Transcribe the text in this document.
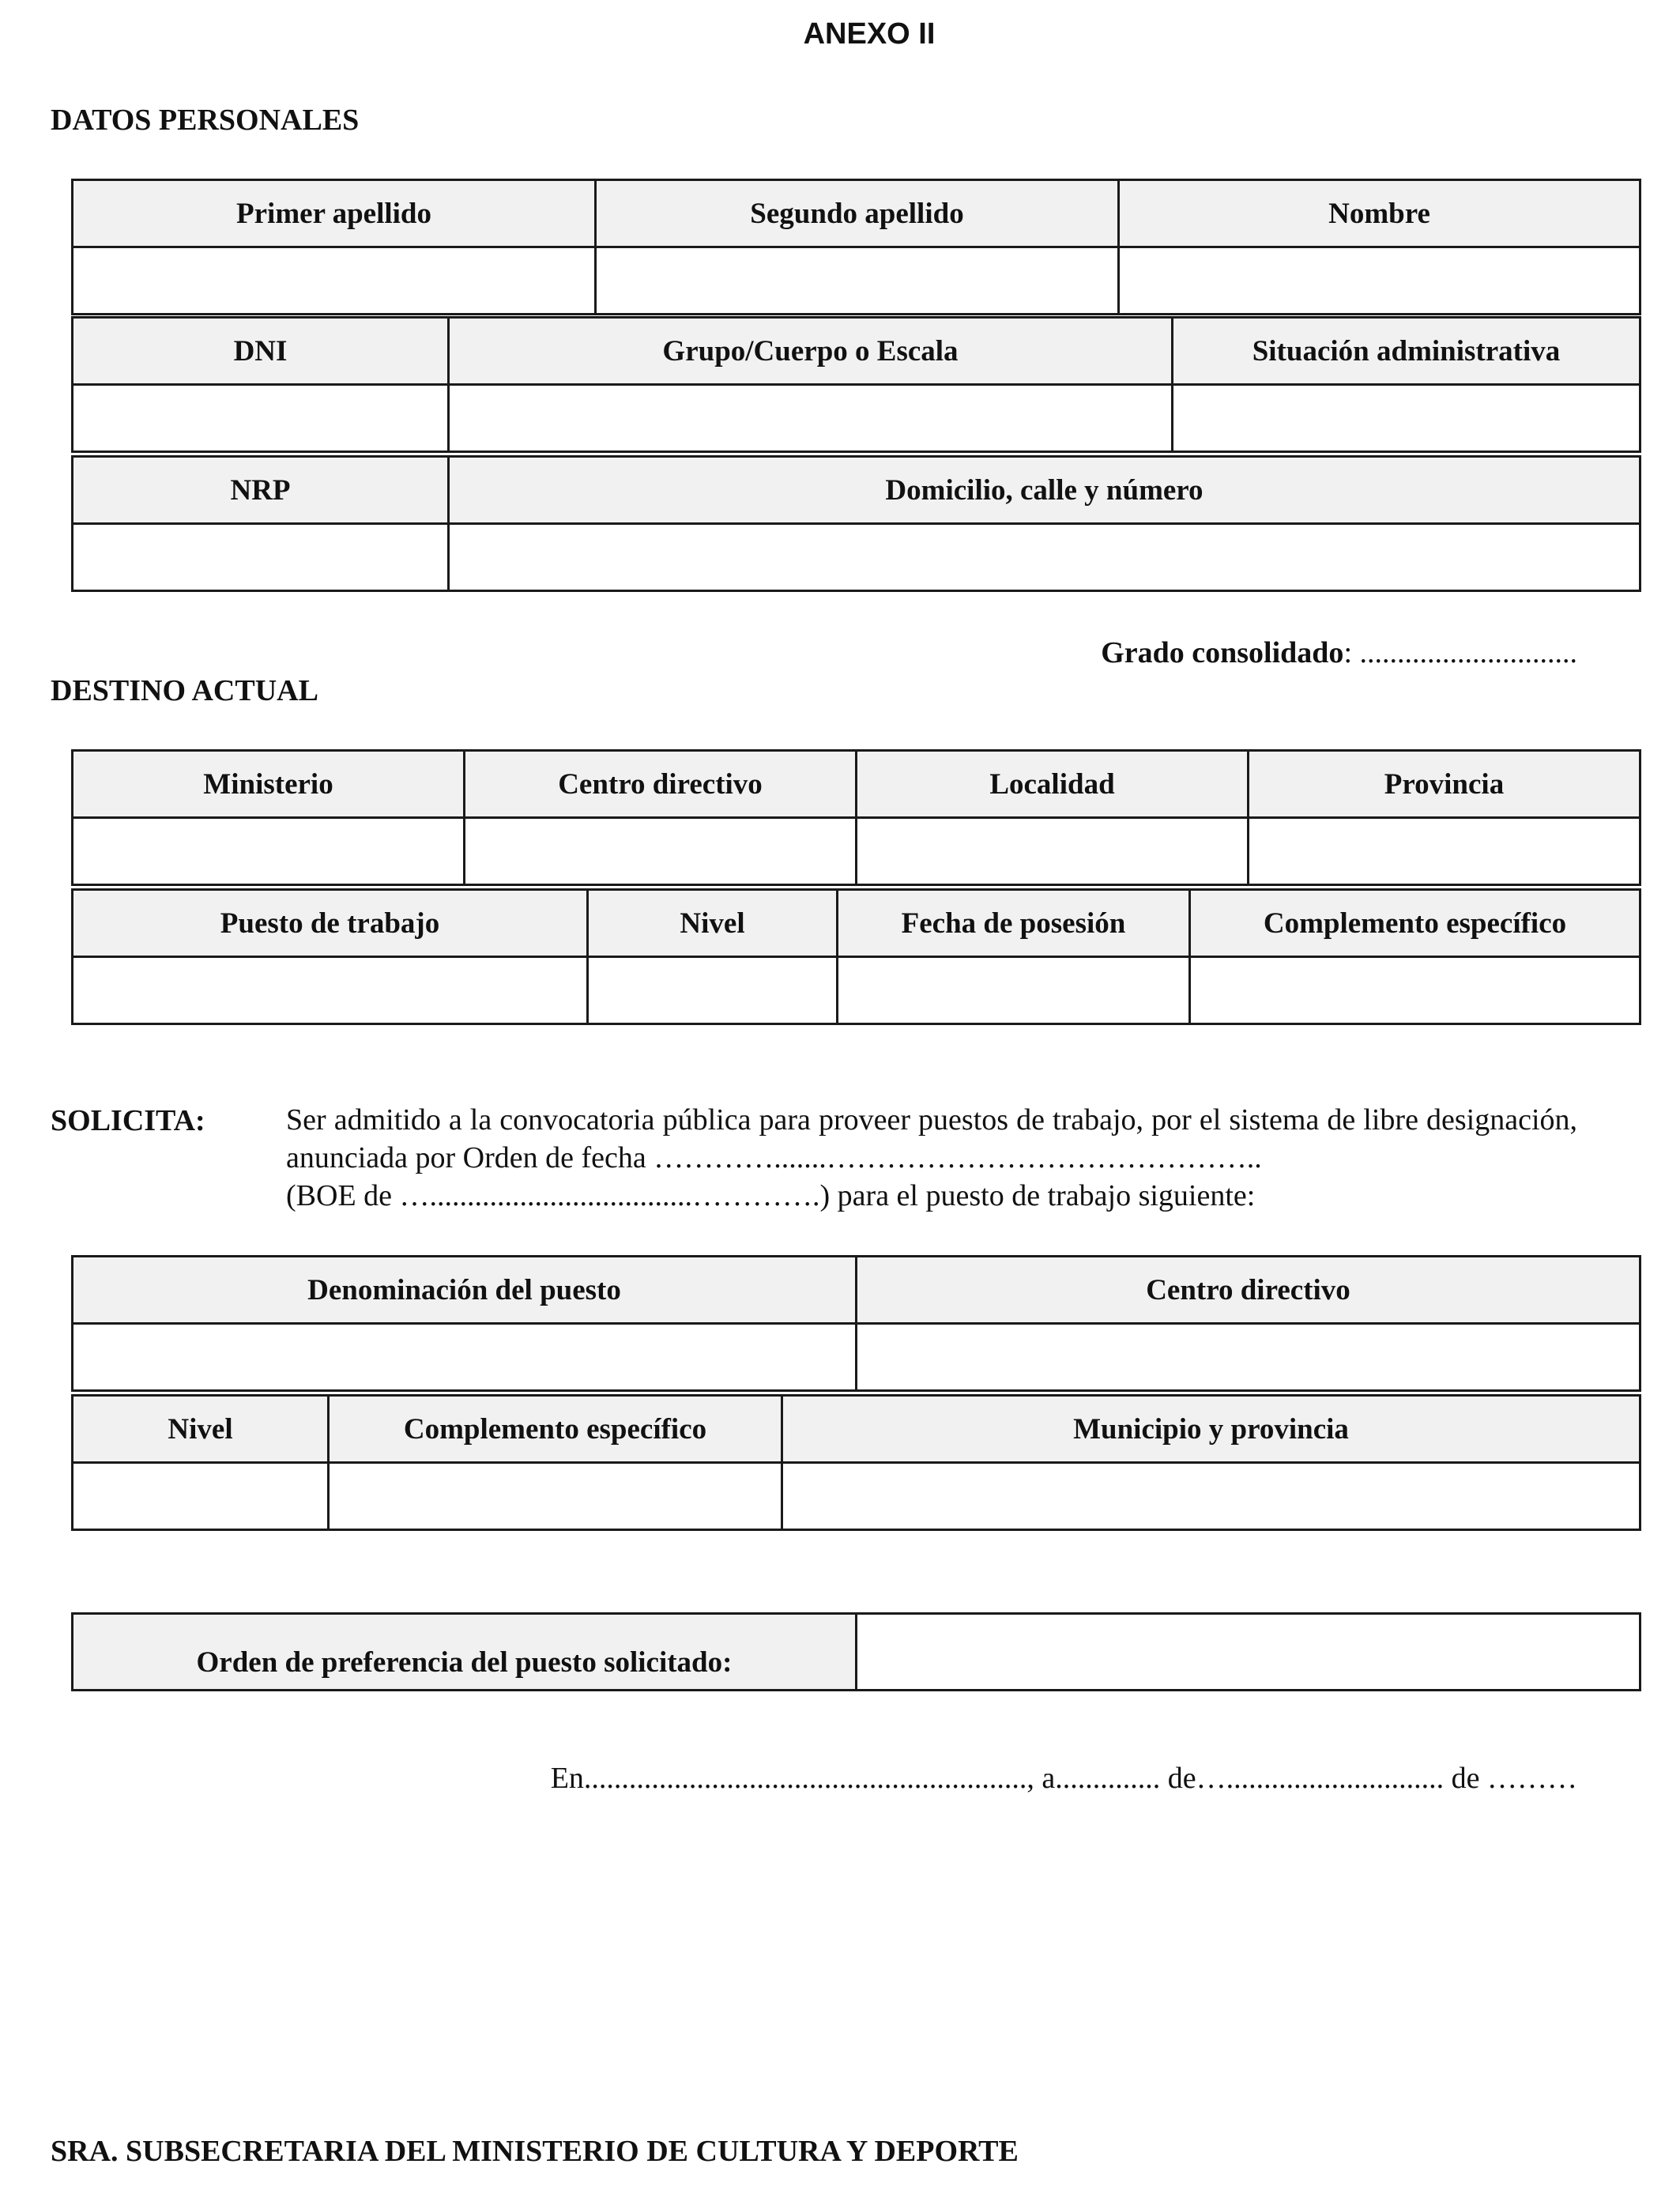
ANEXO II
DATOS PERSONALES
Primer apellido	Segundo apellido	Nombre

DNI	Grupo/Cuerpo o Escala	Situación administrativa

NRP	Domicilio, calle y número

Grado consolidado: .............................
DESTINO ACTUAL
Ministerio	Centro directivo	Localidad	Provincia

Puesto de trabajo	Nivel	Fecha de posesión	Complemento específico

SOLICITA:	Ser admitido a la convocatoria pública para proveer puestos de trabajo, por el sistema de libre designación, anunciada por Orden de fecha ………….......……………………………………..
(BOE de …...................................………….) para el puesto de trabajo siguiente:
Denominación del puesto	Centro directivo

Nivel	Complemento específico	Municipio y provincia

Orden de preferencia del puesto solicitado:	
En..........................................................., a.............. de…............................. de ………
SRA. SUBSECRETARIA DEL MINISTERIO DE CULTURA Y DEPORTE
